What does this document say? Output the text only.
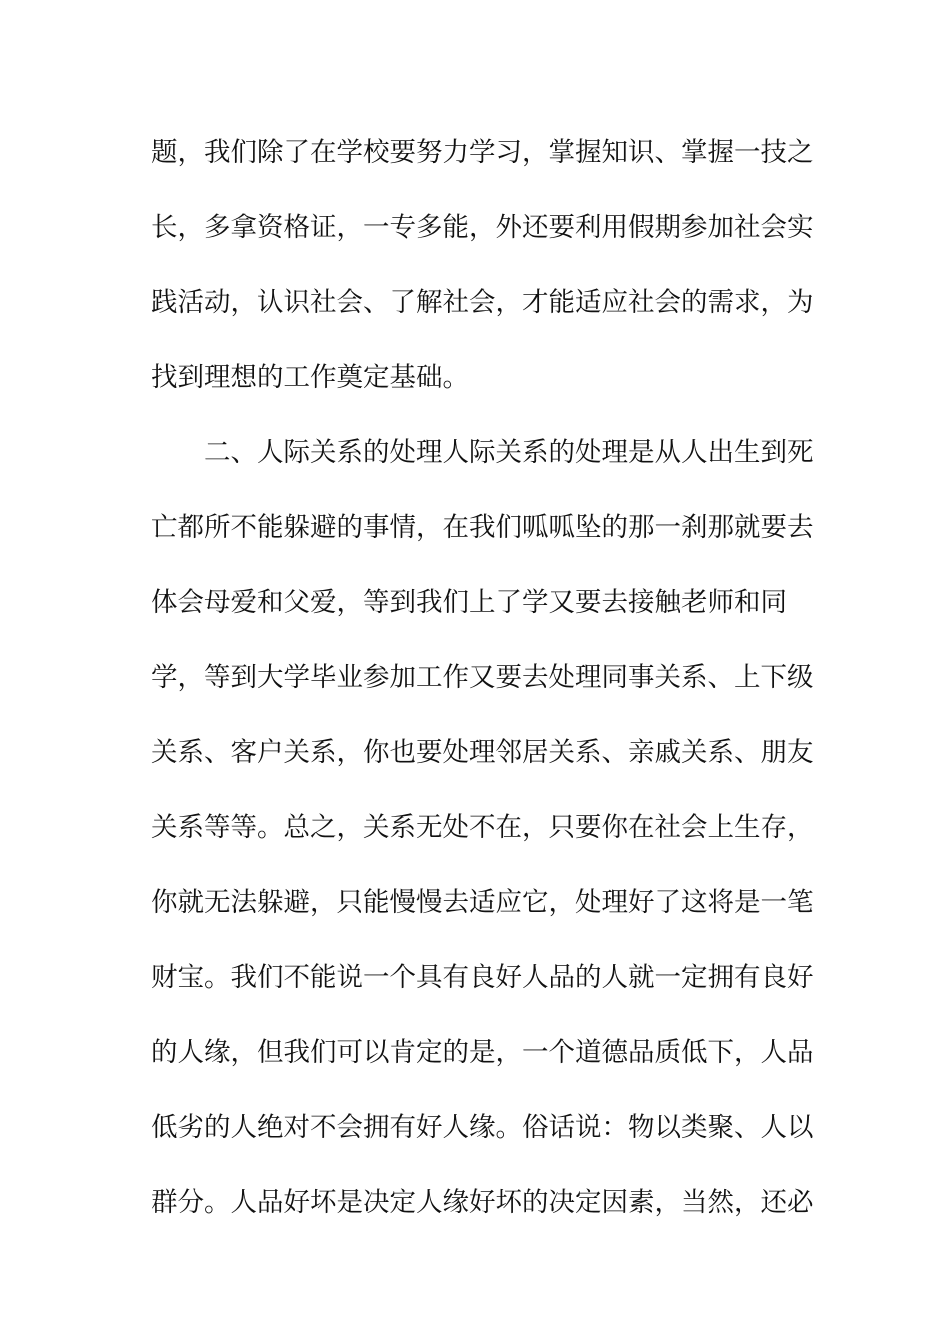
题，我们除了在学校要努力学习，掌握知识、掌握一技之
长，多拿资格证，一专多能，外还要利用假期参加社会实
践活动，认识社会、了解社会，才能适应社会的需求，为
找到理想的工作奠定基础。
　　二、人际关系的处理人际关系的处理是从人出生到死
亡都所不能躲避的事情，在我们呱呱坠的那一刹那就要去
体会母爱和父爱，等到我们上了学又要去接触老师和同
学，等到大学毕业参加工作又要去处理同事关系、上下级
关系、客户关系，你也要处理邻居关系、亲戚关系、朋友
关系等等。总之，关系无处不在，只要你在社会上生存，
你就无法躲避，只能慢慢去适应它，处理好了这将是一笔
财宝。我们不能说一个具有良好人品的人就一定拥有良好
的人缘，但我们可以肯定的是，一个道德品质低下，人品
低劣的人绝对不会拥有好人缘。俗话说：物以类聚、人以
群分。人品好坏是决定人缘好坏的决定因素，当然，还必
